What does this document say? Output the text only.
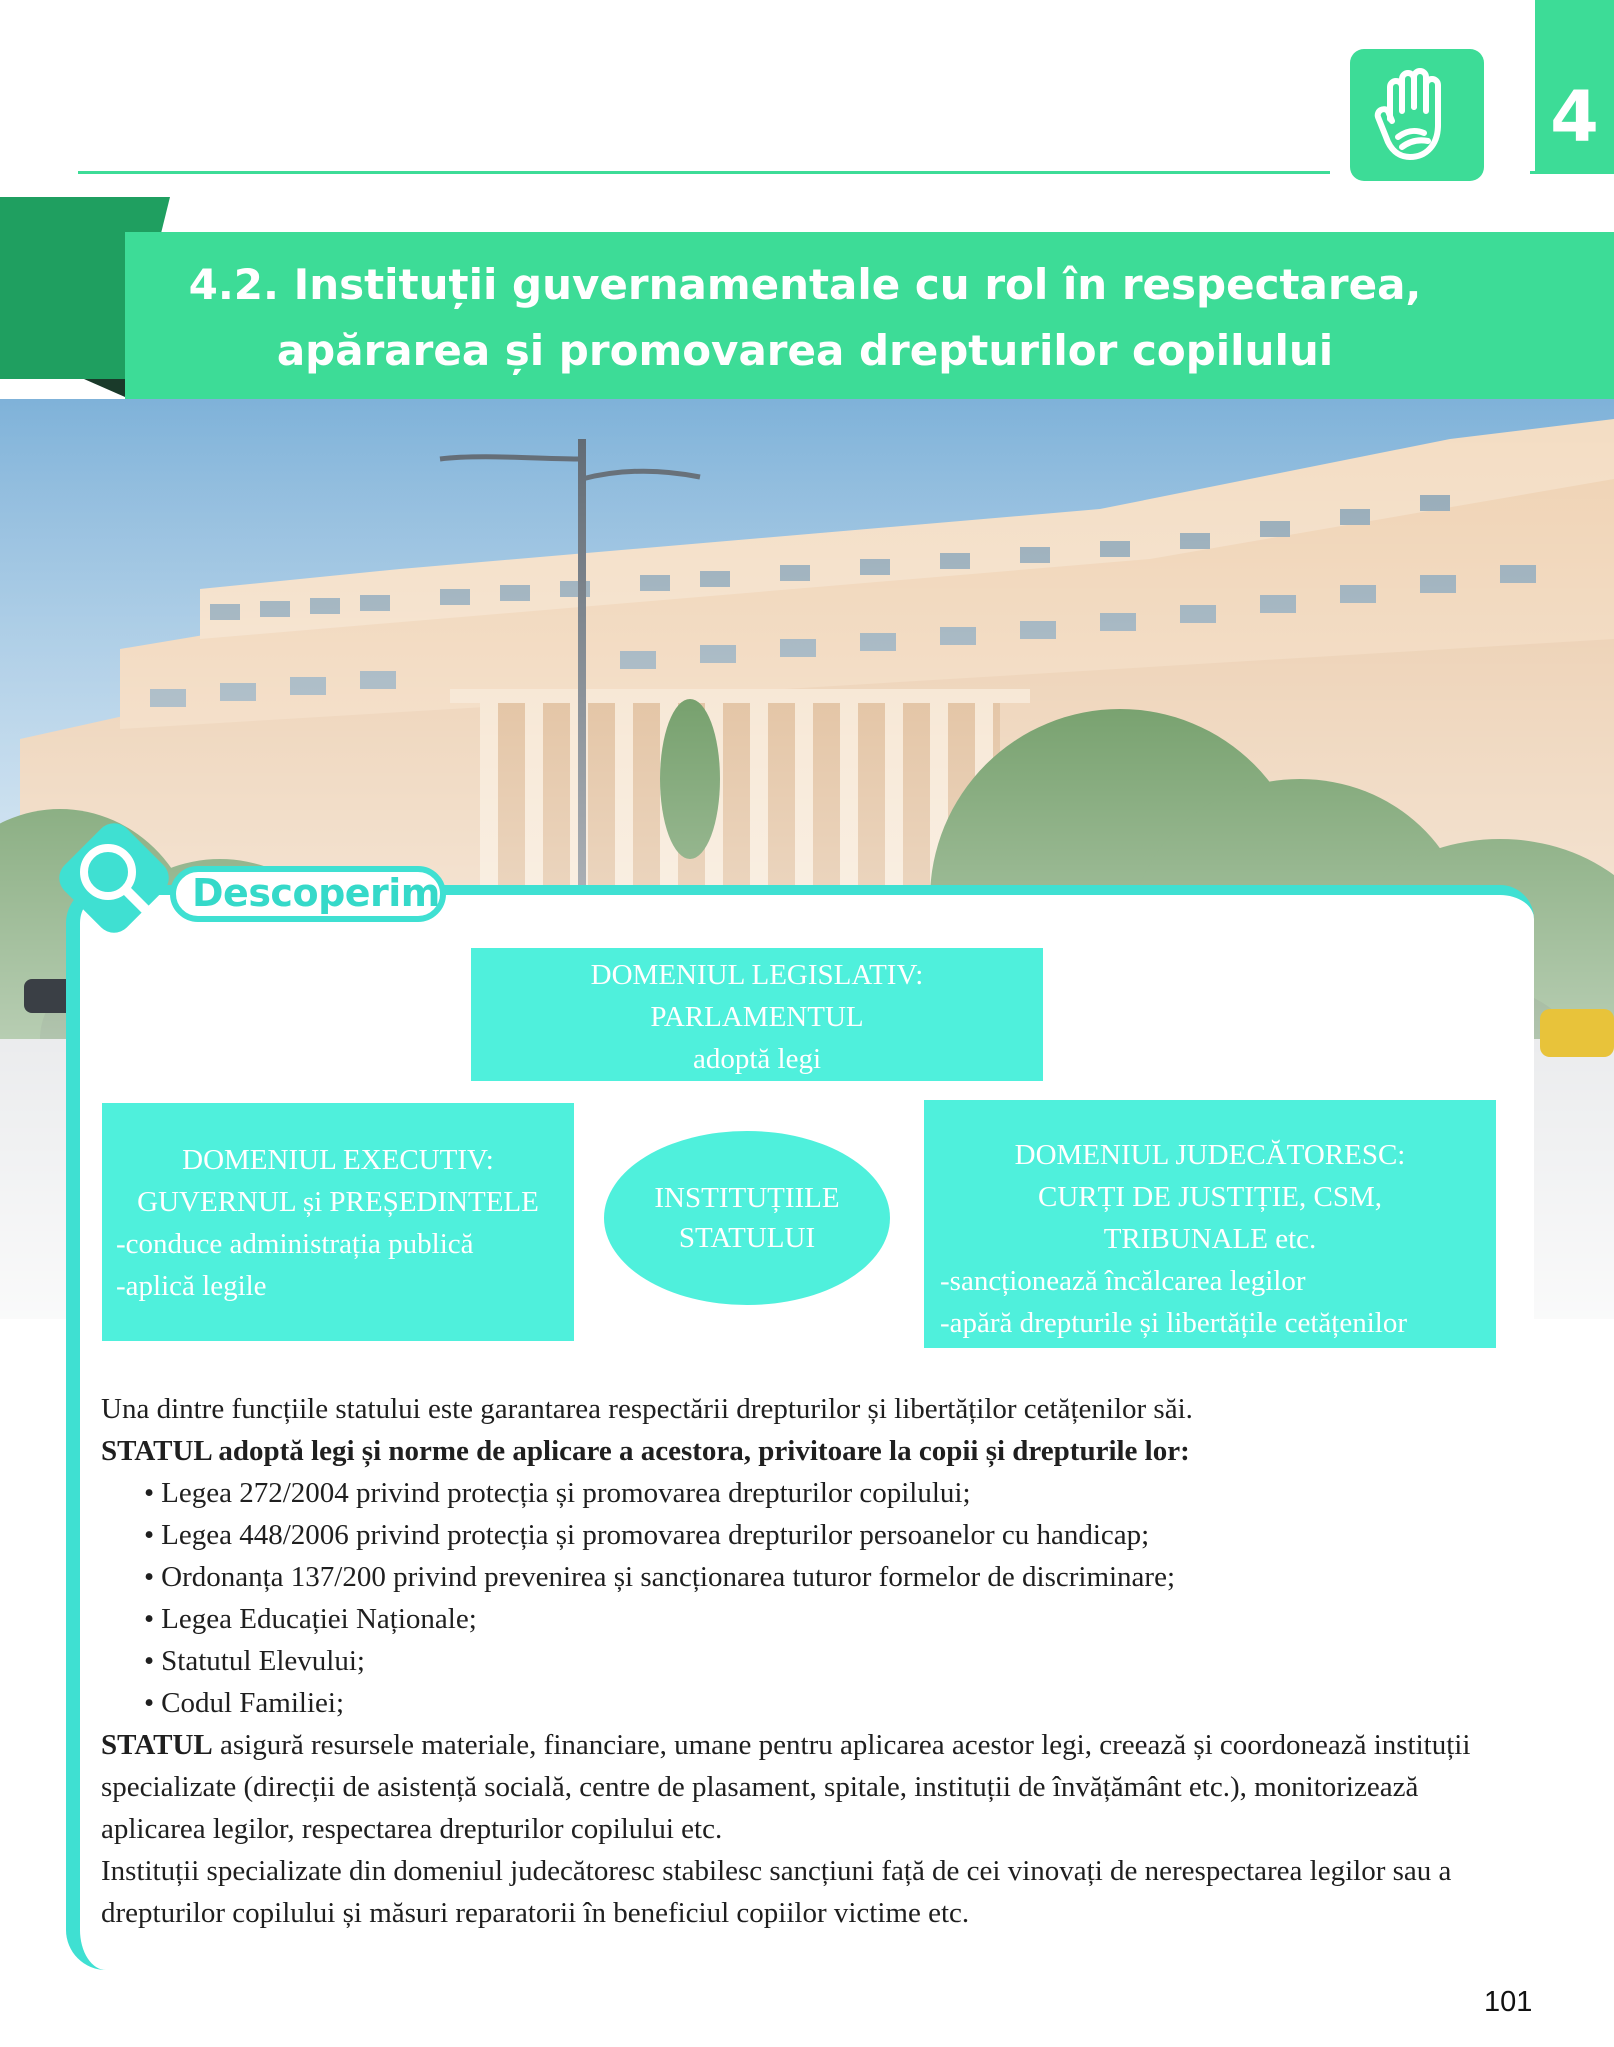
4
4.2. Instituții guvernamentale cu rol în respectarea,
apărarea și promovarea drepturilor copilului
Descoperim
DOMENIUL LEGISLATIV:
PARLAMENTUL
adoptă legi
DOMENIUL EXECUTIV:
GUVERNUL și PREȘEDINTELE
-conduce administrația publică
-aplică legile
INSTITUȚIILE
STATULUI
DOMENIUL JUDECĂTORESC:
CURȚI DE JUSTIȚIE, CSM,
TRIBUNALE etc.
-sancționează încălcarea legilor
-apără drepturile și libertățile cetățenilor

Una dintre funcțiile statului este garantarea respectării drepturilor și libertăților cetățenilor săi.

STATUL adoptă legi și norme de aplicare a acestora, privitoare la copii și drepturile lor:

• Legea 272/2004 privind protecția și promovarea drepturilor copilului;
• Legea 448/2006 privind protecția și promovarea drepturilor persoanelor cu handicap;
• Ordonanța 137/200 privind prevenirea și sancționarea tuturor formelor de discriminare;
• Legea Educației Naționale;
• Statutul Elevului;
• Codul Familiei;

STATUL asigură resursele materiale, financiare, umane pentru aplicarea acestor legi, creează și coordonează instituții specializate (direcții de asistență socială, centre de plasament, spitale, instituții de învățământ etc.), monitorizează aplicarea legilor, respectarea drepturilor copilului etc.

Instituții specializate din domeniul judecătoresc stabilesc sancțiuni față de cei vinovați de nerespectarea legilor sau a drepturilor copilului și măsuri reparatorii în beneficiul copiilor victime etc.

101
